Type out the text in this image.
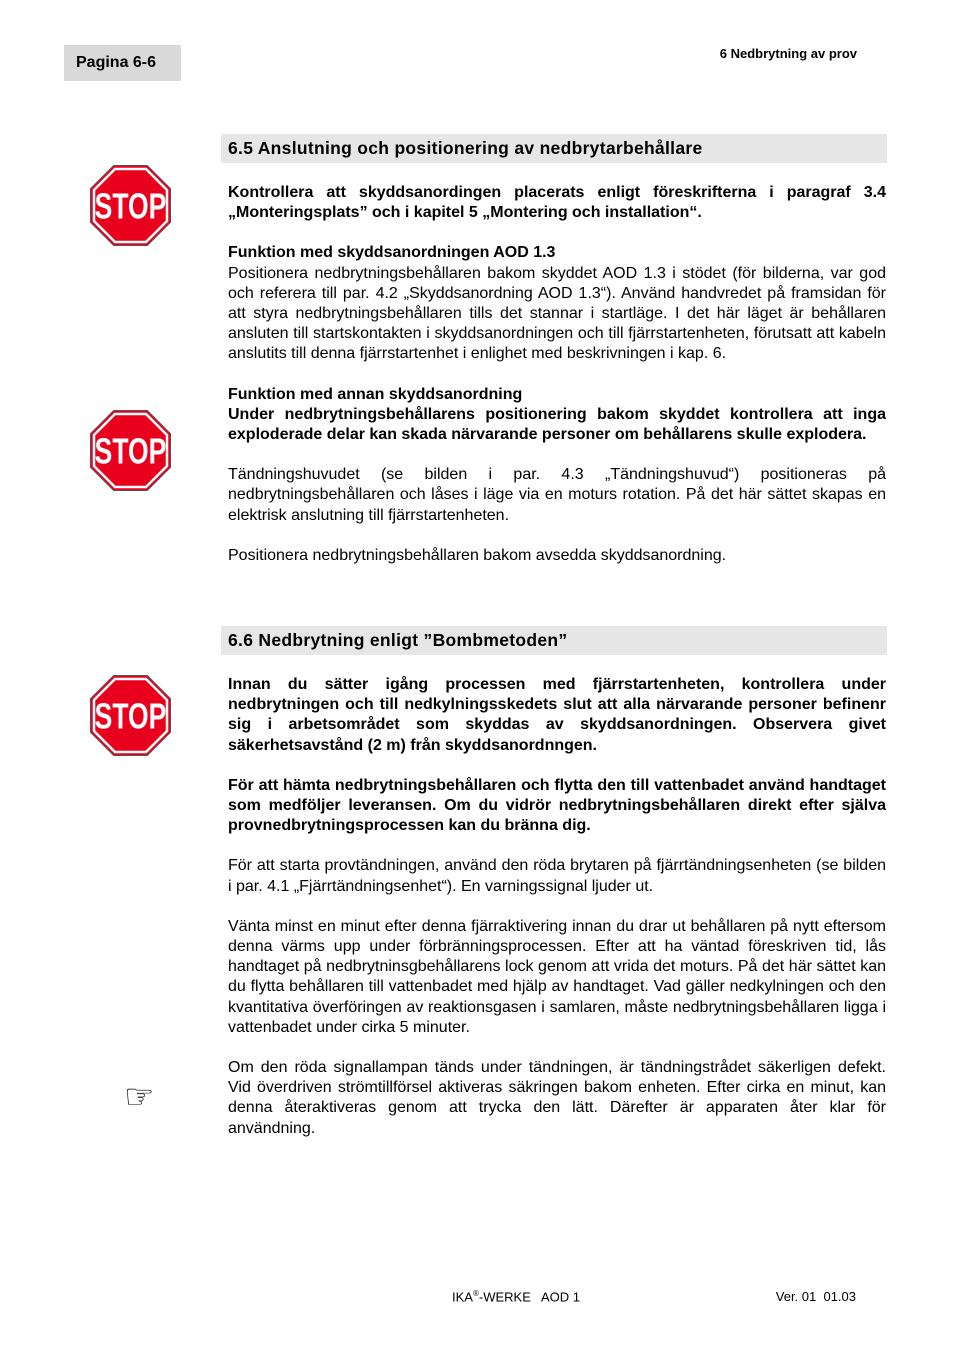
Pagina 6-6
6 Nedbrytning av prov
6.5 Anslutning och positionering av nedbrytarbehållare
STOP	Kontrollera att skyddsanordingen placerats enligt föreskrifterna i paragraf 3.4 „Monteringsplats” och i kapitel 5 „Montering och installation“.

Funktion med skyddsanordningen AOD 1.3

Positionera nedbrytningsbehållaren bakom skyddet AOD 1.3 i stödet (för bilderna, var god och referera till par. 4.2 „Skyddsanordning AOD 1.3“). Använd handvredet på framsidan för att styra nedbrytningsbehållaren tills det stannar i startläge. I det här läget är behållaren ansluten till startskontakten i skyddsanordningen och till fjärrstartenheten, förutsatt att kabeln anslutits till denna fjärrstartenhet i enlighet med beskrivningen i kap. 6.

Funktion med annan skyddsanordning

Under nedbrytningsbehållarens positionering bakom skyddet kontrollera att inga exploderade delar kan skada närvarande personer om behållarens skulle explodera.

Tändningshuvudet (se bilden i par. 4.3 „Tändningshuvud“) positioneras på nedbrytningsbehållaren och låses i läge via en moturs rotation. På det här sättet skapas en elektrisk anslutning till fjärrstartenheten.

Positionera nedbrytningsbehållaren bakom avsedda skyddsanordning.

STOP
6.6 Nedbrytning enligt ”Bombmetoden”
STOP

Innan du sätter igång processen med fjärrstartenheten, kontrollera under nedbrytningen och till nedkylningsskedets slut att alla närvarande personer befinenr sig i arbetsområdet som skyddas av skyddsanordningen. Observera givet säkerhetsavstånd (2 m) från skyddsanordnngen.

För att hämta nedbrytningsbehållaren och flytta den till vattenbadet använd handtaget som medföljer leveransen. Om du vidrör nedbrytningsbehållaren direkt efter själva provnedbrytningsprocessen kan du bränna dig.

För att starta provtändningen, använd den röda brytaren på fjärrtändningsenheten (se bilden i par. 4.1 „Fjärrtändningsenhet“). En varningssignal ljuder ut.

Vänta minst en minut efter denna fjärraktivering innan du drar ut behållaren på nytt eftersom denna värms upp under förbränningsprocessen. Efter att ha väntad föreskriven tid, lås handtaget på nedbrytninsgbehållarens lock genom att vrida det moturs. På det här sättet kan du flytta behållaren till vattenbadet med hjälp av handtaget. Vad gäller nedkylningen och den kvantitativa överföringen av reaktionsgasen i samlaren, måste nedbrytningsbehållaren ligga i vattenbadet under cirka 5 minuter.

Om den röda signallampan tänds under tändningen, är tändningstrådet säkerligen defekt. Vid överdriven strömtillförsel aktiveras säkringen bakom enheten. Efter cirka en minut, kan denna återaktiveras genom att trycka den lätt. Därefter är apparaten åter klar för användning.

☞
IKA®-WERKE   AOD 1	Ver. 01  01.03
